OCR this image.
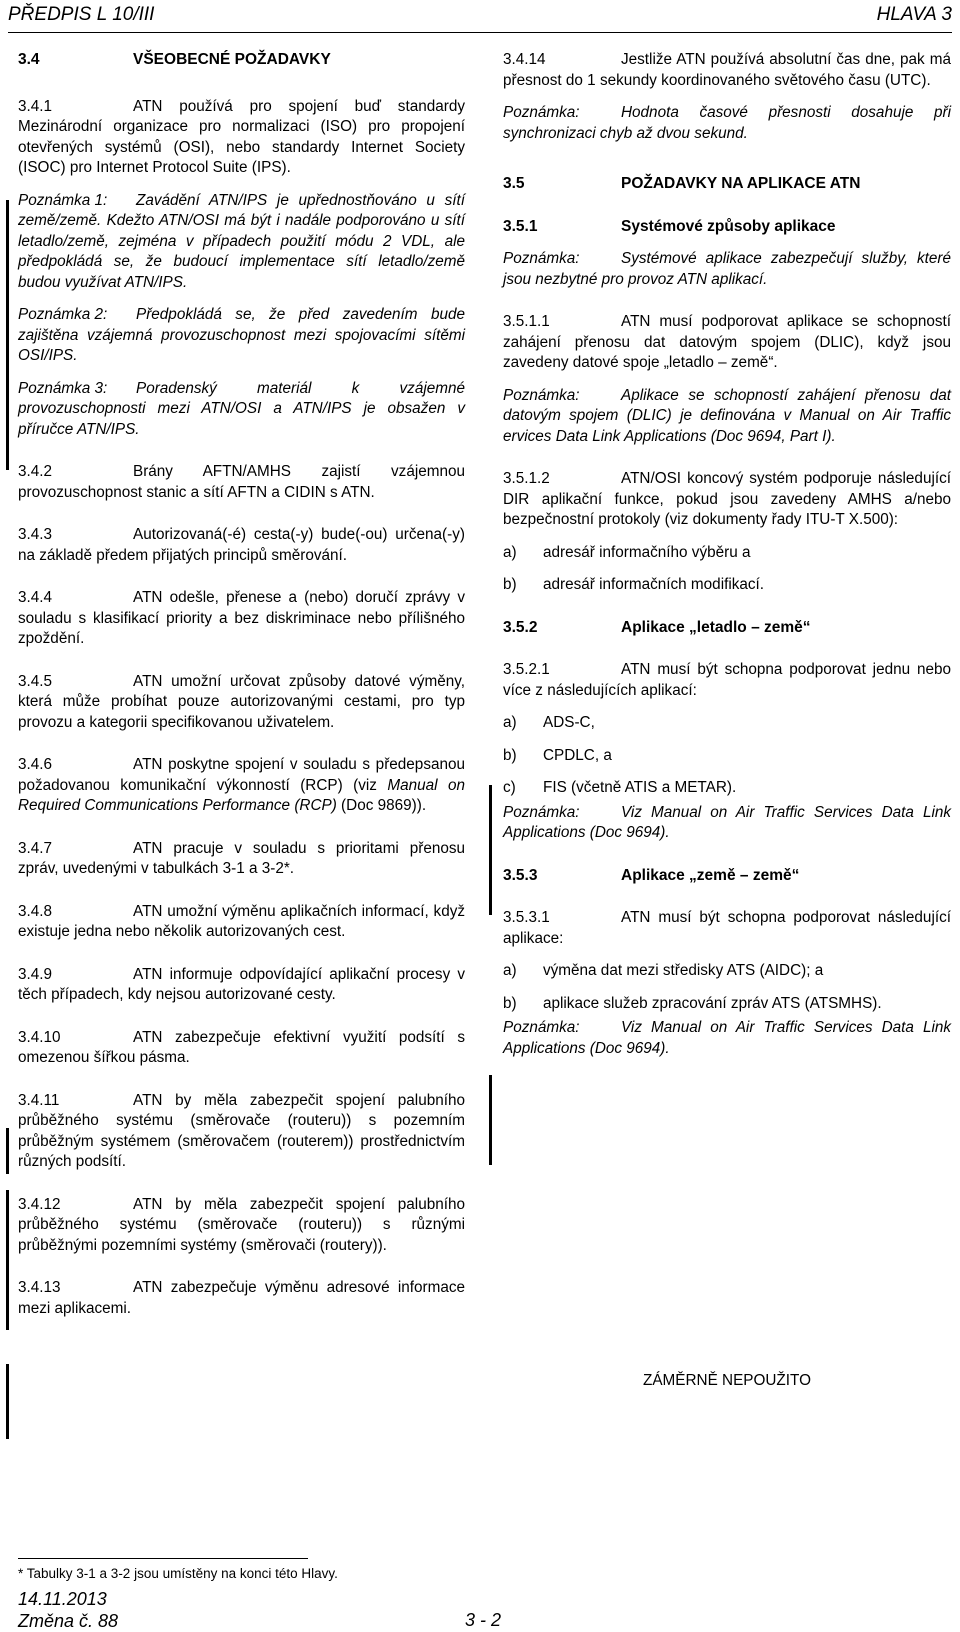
PŘEDPIS L 10/III	HLAVA 3
3.4	VŠEOBECNÉ POŽADAVKY

3.4.1	ATN používá pro spojení buď standardy Mezinárodní organizace pro normalizaci (ISO) pro propojení otevřených systémů (OSI), nebo standardy Internet Society (ISOC) pro Internet Protocol Suite (IPS).

Poznámka 1: Zavádění ATN/IPS je upřednostňováno u sítí země/země. Kdežto ATN/OSI má být i nadále podporováno u sítí letadlo/země, zejména v případech použití módu 2 VDL, ale předpokládá se, že budoucí implementace sítí letadlo/země budou využívat ATN/IPS.

Poznámka 2: Předpokládá se, že před zavedením bude zajištěna vzájemná provozuschopnost mezi spojovacími sítěmi OSI/IPS.

Poznámka 3: Poradenský materiál k vzájemné provozuschopnosti mezi ATN/OSI a ATN/IPS je obsažen v příručce ATN/IPS.

3.4.2	Brány AFTN/AMHS zajistí vzájemnou provozuschopnost stanic a sítí AFTN a CIDIN s ATN.

3.4.3	Autorizovaná(-é) cesta(-y) bude(-ou) určena(-y) na základě předem přijatých principů směrování.

3.4.4	ATN odešle, přenese a (nebo) doručí zprávy v souladu s klasifikací priority a bez diskriminace nebo přílišného zpoždění.

3.4.5	ATN umožní určovat způsoby datové výměny, která může probíhat pouze autorizovanými cestami, pro typ provozu a kategorii specifikovanou uživatelem.

3.4.6	ATN poskytne spojení v souladu s předepsanou požadovanou komunikační výkonností (RCP) (viz Manual on Required Communications Performance (RCP) (Doc 9869)).

3.4.7	ATN pracuje v souladu s prioritami přenosu zpráv, uvedenými v tabulkách 3-1 a 3-2*.

3.4.8	ATN umožní výměnu aplikačních informací, když existuje jedna nebo několik autorizovaných cest.

3.4.9	ATN informuje odpovídající aplikační procesy v těch případech, kdy nejsou autorizované cesty.

3.4.10	ATN zabezpečuje efektivní využití podsítí s omezenou šířkou pásma.

3.4.11	ATN by měla zabezpečit spojení palubního průběžného systému (směrovače (routeru)) s pozemním průběžným systémem (směrovačem (routerem)) prostřednictvím různých podsítí.

3.4.12	ATN by měla zabezpečit spojení palubního průběžného systému (směrovače (routeru)) s různými průběžnými pozemními systémy (směrovači (routery)).

3.4.13	ATN zabezpečuje výměnu adresové informace mezi aplikacemi.

3.4.14	Jestliže ATN používá absolutní čas dne, pak má přesnost do 1 sekundy koordinovaného světového času (UTC).

Poznámka:	Hodnota časové přesnosti dosahuje při synchronizaci chyb až dvou sekund.

3.5	POŽADAVKY NA APLIKACE ATN
3.5.1	Systémové způsoby aplikace

Poznámka:	Systémové aplikace zabezpečují služby, které jsou nezbytné pro provoz ATN aplikací.

3.5.1.1	ATN musí podporovat aplikace se schopností zahájení přenosu dat datovým spojem (DLIC), když jsou zavedeny datové spoje „letadlo – země“.

Poznámka:	Aplikace se schopností zahájení přenosu dat datovým spojem (DLIC) je definována v Manual on Air Traffic ervices Data Link Applications (Doc 9694, Part I).

3.5.1.2	ATN/OSI koncový systém podporuje následující DIR aplikační funkce, pokud jsou zavedeny AMHS a/nebo bezpečnostní protokoly (viz dokumenty řady ITU-T X.500):

a)	adresář informačního výběru a
b)	adresář informačních modifikací.
3.5.2	Aplikace „letadlo – země“

3.5.2.1	ATN musí být schopna podporovat jednu nebo více z následujících aplikací:

a)	ADS-C,
b)	CPDLC, a
c)	FIS (včetně ATIS a METAR).

Poznámka:	Viz Manual on Air Traffic Services Data Link Applications (Doc 9694).

3.5.3	Aplikace „země – země“

3.5.3.1	ATN musí být schopna podporovat následující aplikace:

a)	výměna dat mezi středisky ATS (AIDC); a
b)	aplikace služeb zpracování zpráv ATS (ATSMHS).

Poznámka:	Viz Manual on Air Traffic Services Data Link Applications (Doc 9694).

ZÁMĚRNĚ NEPOUŽITO
* Tabulky 3-1 a 3-2 jsou umístěny na konci této Hlavy.
14.11.2013
Změna č. 88	3 - 2
